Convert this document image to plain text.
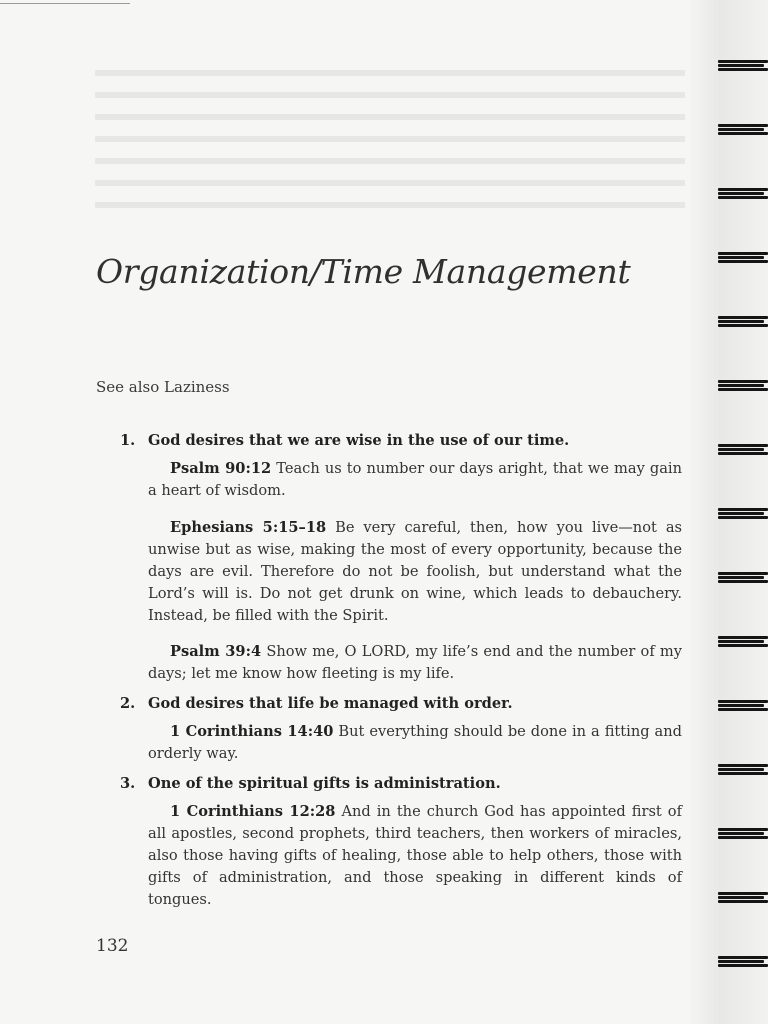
Organization/Time Management
See also Laziness
1. God desires that we are wise in the use of our time.

Psalm 90:12 Teach us to number our days aright, that we may gain a heart of wisdom.

Ephesians 5:15–18 Be very careful, then, how you live—not as unwise but as wise, making the most of every opportunity, because the days are evil. Therefore do not be foolish, but understand what the Lord’s will is. Do not get drunk on wine, which leads to debauchery. Instead, be filled with the Spirit.

Psalm 39:4 Show me, O LORD, my life’s end and the number of my days; let me know how fleeting is my life.

2. God desires that life be managed with order.

1 Corinthians 14:40 But everything should be done in a fitting and orderly way.

3. One of the spiritual gifts is administration.

1 Corinthians 12:28 And in the church God has appointed first of all apostles, second prophets, third teachers, then workers of miracles, also those having gifts of healing, those able to help others, those with gifts of administration, and those speaking in different kinds of tongues.

132
